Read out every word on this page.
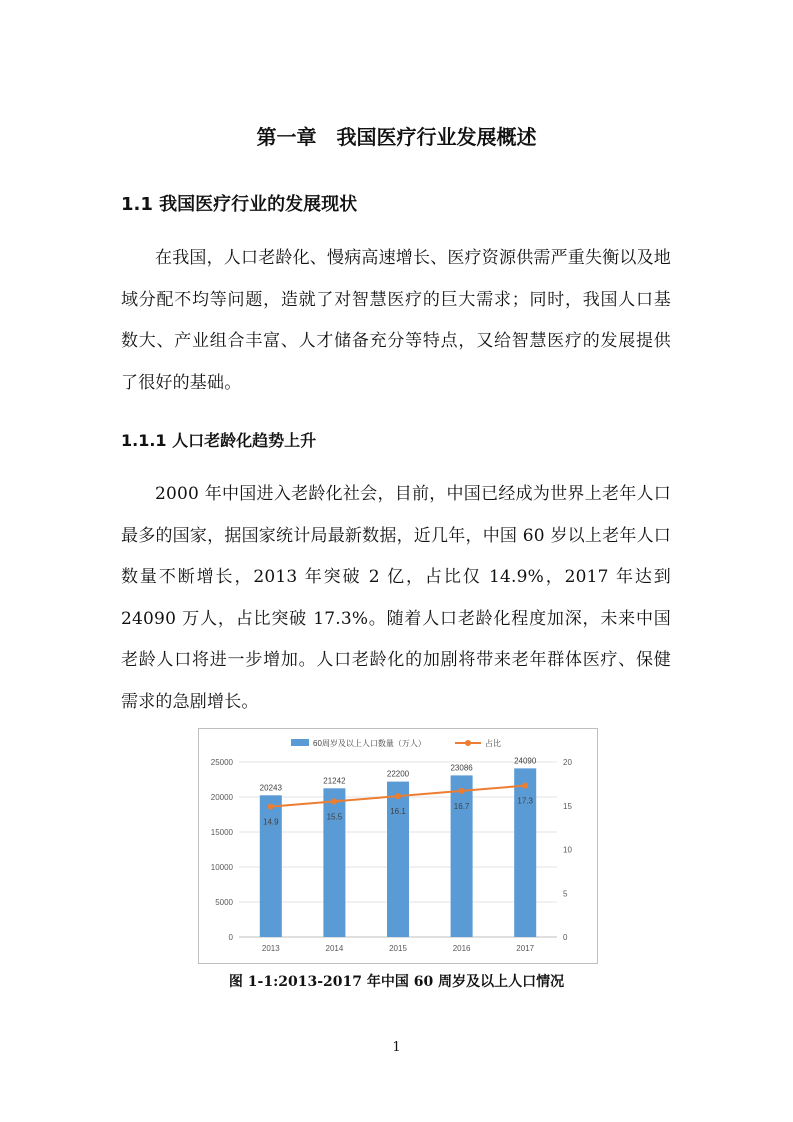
第一章　我国医疗行业发展概述
1.1 我国医疗行业的发展现状

在我国，人口老龄化、慢病高速增长、医疗资源供需严重失衡以及地域分配不均等问题，造就了对智慧医疗的巨大需求；同时，我国人口基数大、产业组合丰富、人才储备充分等特点，又给智慧医疗的发展提供了很好的基础。

1.1.1 人口老龄化趋势上升

2000 年中国进入老龄化社会，目前，中国已经成为世界上老年人口最多的国家，据国家统计局最新数据，近几年，中国 60 岁以上老年人口数量不断增长，2013 年突破 2 亿，占比仅 14.9%，2017 年达到 24090 万人，占比突破 17.3%。随着人口老龄化程度加深，未来中国老龄人口将进一步增加。人口老龄化的加剧将带来老年群体医疗、保健需求的急剧增长。

0
5000
10000
15000
20000
25000
0
5
10
15
20
20243
21242
22200
23086
24090
2013	2014	2015	2016	2017
14.9
15.5
16.1
16.7
17.3
60周岁及以上人口数量（万人）	占比

图 1-1:2013-2017 年中国 60 周岁及以上人口情况

1
